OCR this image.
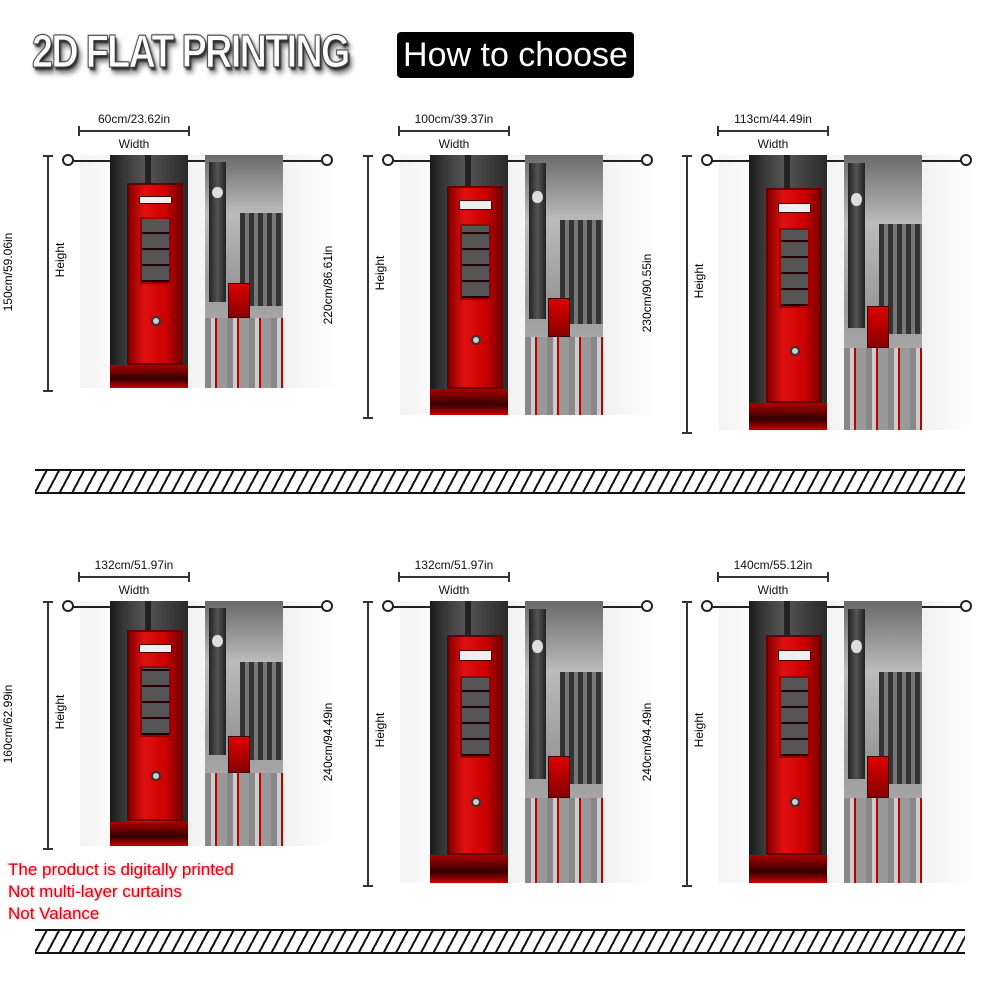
2D FLAT PRINTING How to choose
60cm/23.62in
Width
150cm/59.06in	Height
100cm/39.37in
Width
220cm/86.61in	Height
113cm/44.49in
Width
230cm/90.55in	Height
132cm/51.97in
Width
160cm/62.99in	Height
132cm/51.97in
Width
240cm/94.49in	Height
140cm/55.12in
Width
240cm/94.49in	Height
The product is digitally printed
Not multi-layer curtains
Not Valance
